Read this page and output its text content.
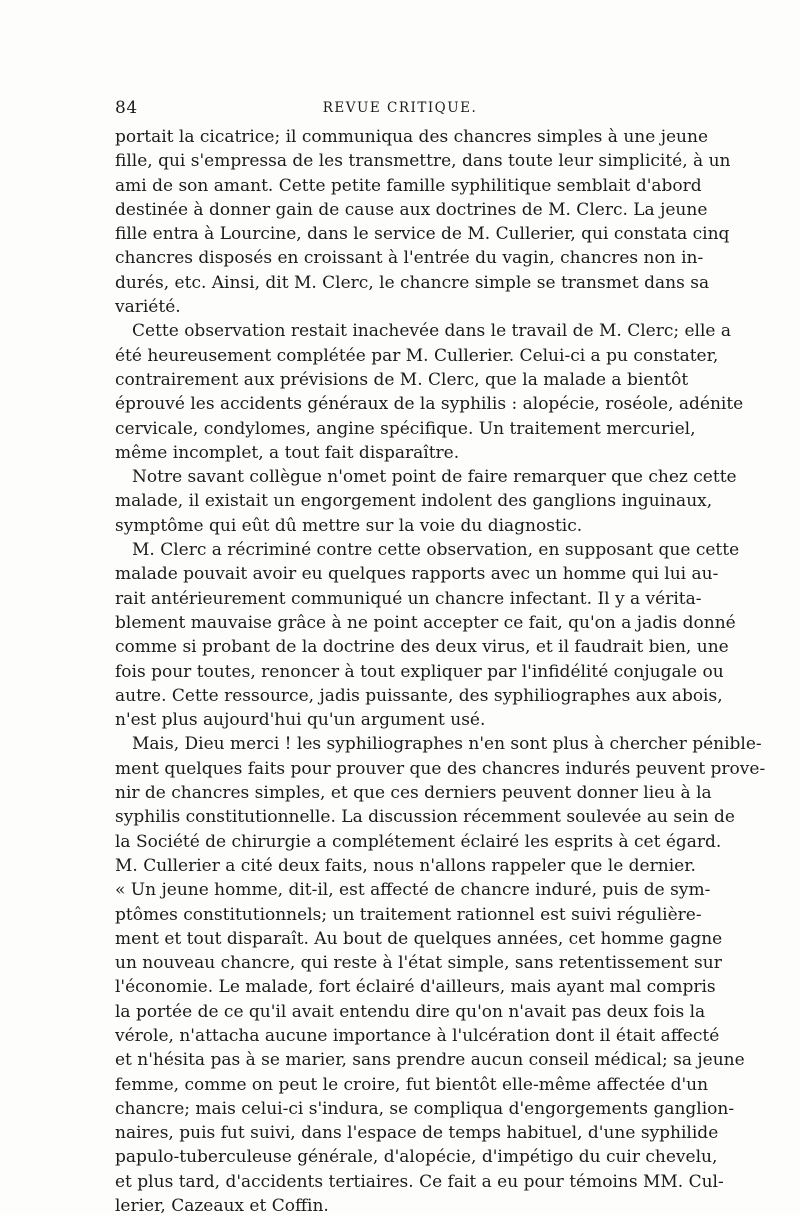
84	REVUE CRITIQUE.
portait la cicatrice; il communiqua des chancres simples à une jeune
fille, qui s'empressa de les transmettre, dans toute leur simplicité, à un
ami de son amant. Cette petite famille syphilitique semblait d'abord
destinée à donner gain de cause aux doctrines de M. Clerc. La jeune
fille entra à Lourcine, dans le service de M. Cullerier, qui constata cinq
chancres disposés en croissant à l'entrée du vagin, chancres non in-
durés, etc. Ainsi, dit M. Clerc, le chancre simple se transmet dans sa
variété.
Cette observation restait inachevée dans le travail de M. Clerc; elle a
été heureusement complétée par M. Cullerier. Celui-ci a pu constater,
contrairement aux prévisions de M. Clerc, que la malade a bientôt
éprouvé les accidents généraux de la syphilis : alopécie, roséole, adénite
cervicale, condylomes, angine spécifique. Un traitement mercuriel,
même incomplet, a tout fait disparaître.
Notre savant collègue n'omet point de faire remarquer que chez cette
malade, il existait un engorgement indolent des ganglions inguinaux,
symptôme qui eût dû mettre sur la voie du diagnostic.
M. Clerc a récriminé contre cette observation, en supposant que cette
malade pouvait avoir eu quelques rapports avec un homme qui lui au-
rait antérieurement communiqué un chancre infectant. Il y a vérita-
blement mauvaise grâce à ne point accepter ce fait, qu'on a jadis donné
comme si probant de la doctrine des deux virus, et il faudrait bien, une
fois pour toutes, renoncer à tout expliquer par l'infidélité conjugale ou
autre. Cette ressource, jadis puissante, des syphiliographes aux abois,
n'est plus aujourd'hui qu'un argument usé.
Mais, Dieu merci ! les syphiliographes n'en sont plus à chercher pénible-
ment quelques faits pour prouver que des chancres indurés peuvent prove-
nir de chancres simples, et que ces derniers peuvent donner lieu à la
syphilis constitutionnelle. La discussion récemment soulevée au sein de
la Société de chirurgie a complétement éclairé les esprits à cet égard.
M. Cullerier a cité deux faits, nous n'allons rappeler que le dernier.
« Un jeune homme, dit-il, est affecté de chancre induré, puis de sym-
ptômes constitutionnels; un traitement rationnel est suivi régulière-
ment et tout disparaît. Au bout de quelques années, cet homme gagne
un nouveau chancre, qui reste à l'état simple, sans retentissement sur
l'économie. Le malade, fort éclairé d'ailleurs, mais ayant mal compris
la portée de ce qu'il avait entendu dire qu'on n'avait pas deux fois la
vérole, n'attacha aucune importance à l'ulcération dont il était affecté
et n'hésita pas à se marier, sans prendre aucun conseil médical; sa jeune
femme, comme on peut le croire, fut bientôt elle-même affectée d'un
chancre; mais celui-ci s'indura, se compliqua d'engorgements ganglion-
naires, puis fut suivi, dans l'espace de temps habituel, d'une syphilide
papulo-tuberculeuse générale, d'alopécie, d'impétigo du cuir chevelu,
et plus tard, d'accidents tertiaires. Ce fait a eu pour témoins MM. Cul-
lerier, Cazeaux et Coffin.
